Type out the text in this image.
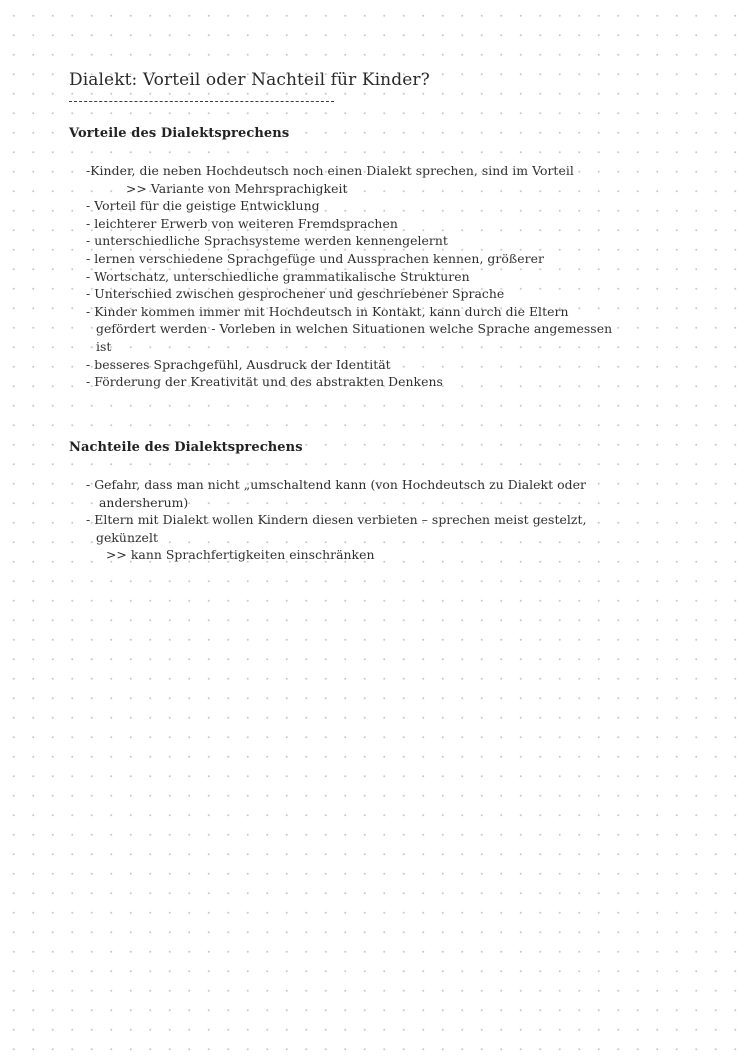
Dialekt: Vorteil oder Nachteil für Kinder?
Vorteile des Dialektsprechens
-Kinder, die neben Hochdeutsch noch einen Dialekt sprechen, sind im Vorteil
>> Variante von Mehrsprachigkeit
- Vorteil für die geistige Entwicklung
- leichterer Erwerb von weiteren Fremdsprachen
- unterschiedliche Sprachsysteme werden kennengelernt
- lernen verschiedene Sprachgefüge und Aussprachen kennen, größerer
- Wortschatz, unterschiedliche grammatikalische Strukturen
- Unterschied zwischen gesprochener und geschriebener Sprache
- Kinder kommen immer mit Hochdeutsch in Kontakt, kann durch die Eltern
gefördert werden - Vorleben in welchen Situationen welche Sprache angemessen
ist
- besseres Sprachgefühl, Ausdruck der Identität
- Förderung der Kreativität und des abstrakten Denkens
Nachteile des Dialektsprechens
- Gefahr, dass man nicht „umschaltend kann (von Hochdeutsch zu Dialekt oder
andersherum)
- Eltern mit Dialekt wollen Kindern diesen verbieten – sprechen meist gestelzt,
gekünzelt
>> kann Sprachfertigkeiten einschränken
